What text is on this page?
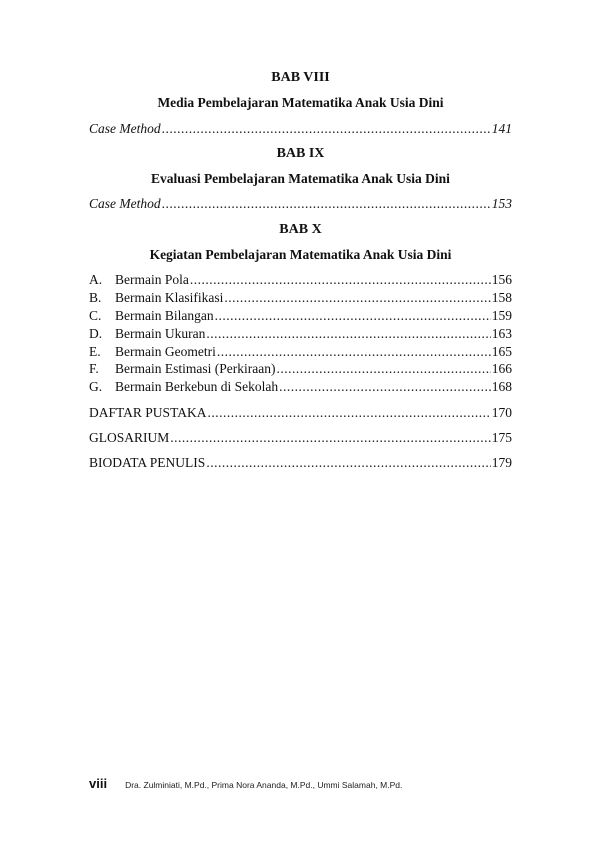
BAB VIII
Media Pembelajaran Matematika Anak Usia Dini
Case Method .....	141
BAB IX
Evaluasi Pembelajaran Matematika Anak Usia Dini
Case Method .....	153
BAB X
Kegiatan Pembelajaran Matematika Anak Usia Dini
A. Bermain Pola .....	156
B.	Bermain Klasifikasi .....	158
C.	Bermain Bilangan .....	159
D. Bermain Ukuran .....	163
E.	Bermain Geometri .....	165
F.	Bermain Estimasi (Perkiraan) .....	166
G. Bermain Berkebun di Sekolah .....	168
DAFTAR PUSTAKA .....	170
GLOSARIUM .....	175
BIODATA PENULIS .....	179
viii Dra. Zulminiati, M.Pd., Prima Nora Ananda, M.Pd., Ummi Salamah, M.Pd.
